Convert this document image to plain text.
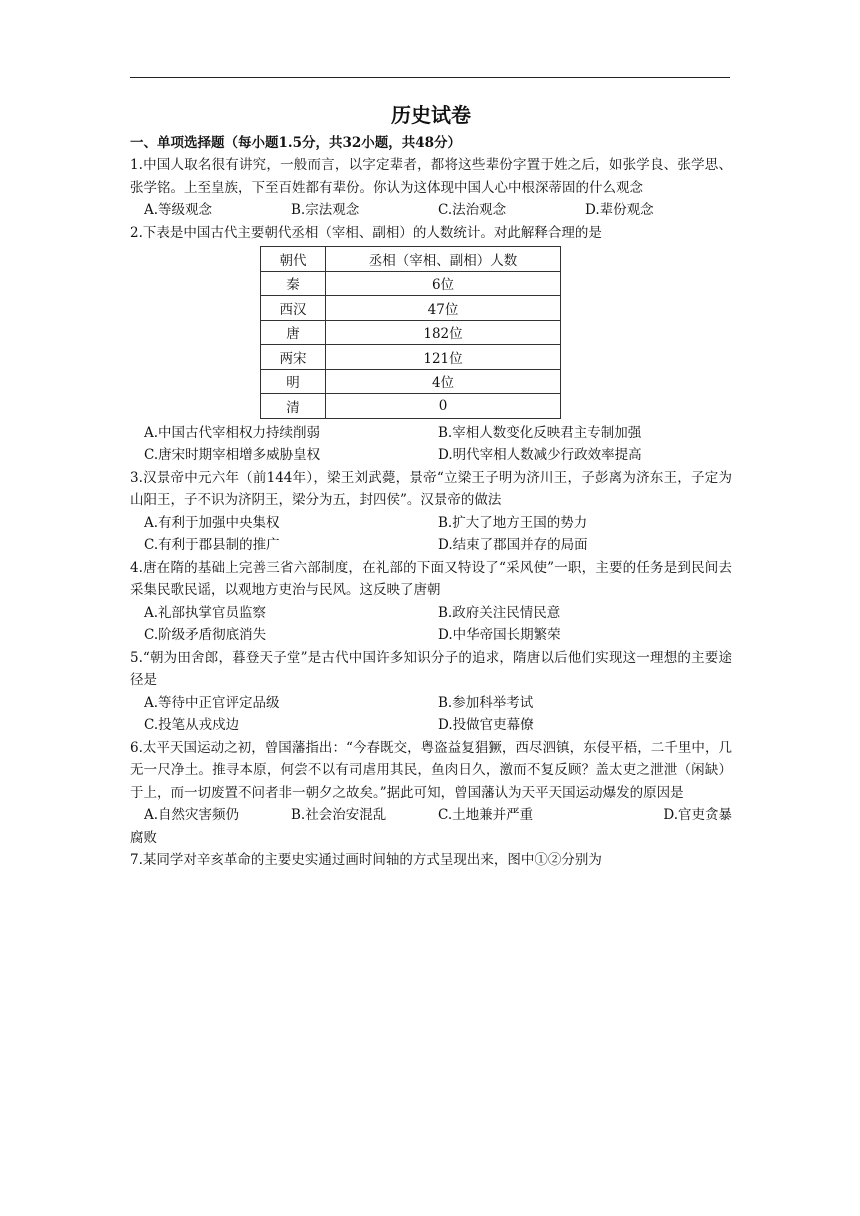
历史试卷
一、单项选择题（每小题1.5分，共32小题，共48分）
1.中国人取名很有讲究，一般而言，以字定辈者，都将这些辈份字置于姓之后，如张学良、张学思、张学铭。上至皇族，下至百姓都有辈份。你认为这体现中国人心中根深蒂固的什么观念
A.等级观念	B.宗法观念	C.法治观念	D.辈份观念
2.下表是中国古代主要朝代丞相（宰相、副相）的人数统计。对此解释合理的是
朝代	丞相（宰相、副相）人数
秦	6位
西汉	47位
唐	182位
两宋	121位
明	4位
清	0
A.中国古代宰相权力持续削弱	B.宰相人数变化反映君主专制加强
C.唐宋时期宰相增多威胁皇权	D.明代宰相人数减少行政效率提高
3.汉景帝中元六年（前144年），梁王刘武薨，景帝“立梁王子明为济川王，子彭离为济东王，子定为山阳王，子不识为济阴王，梁分为五，封四侯”。汉景帝的做法
A.有利于加强中央集权	B.扩大了地方王国的势力
C.有利于郡县制的推广	D.结束了郡国并存的局面
4.唐在隋的基础上完善三省六部制度，在礼部的下面又特设了“采风使”一职，主要的任务是到民间去采集民歌民谣，以观地方吏治与民风。这反映了唐朝
A.礼部执掌官员监察	B.政府关注民情民意
C.阶级矛盾彻底消失	D.中华帝国长期繁荣
5.“朝为田舍郎，暮登天子堂”是古代中国许多知识分子的追求，隋唐以后他们实现这一理想的主要途径是
A.等待中正官评定品级	B.参加科举考试
C.投笔从戎戍边	D.投做官吏幕僚
6.太平天国运动之初，曾国藩指出：“今春既交，粤盗益复猖獗，西尽泗镇，东侵平梧，二千里中，几无一尺净土。推寻本原，何尝不以有司虐用其民，鱼肉日久，激而不复反顾？盖太吏之泄泄（闲缺）于上，而一切废置不问者非一朝夕之故矣。”据此可知，曾国藩认为天平天国运动爆发的原因是
A.自然灾害频仍	B.社会治安混乱	C.土地兼并严重	D.官吏贪暴
腐败
7.某同学对辛亥革命的主要史实通过画时间轴的方式呈现出来，图中①②分别为
